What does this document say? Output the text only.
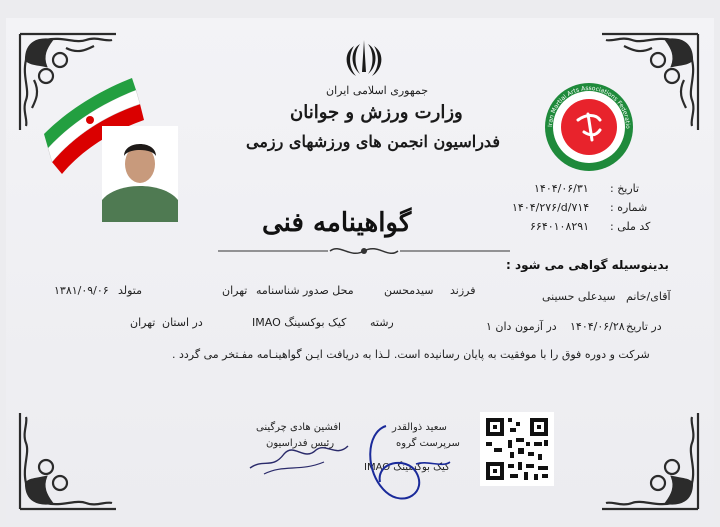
جمهوری اسلامی ایران
وزارت ورزش و جوانان
فدراسیون انجمن های ورزشهای رزمی
گواهینامه فنی
Iran Martial Arts Associations Federatio
تاریخ :
۱۴۰۴/۰۶/۳۱
شماره :
۱۴۰۴/۲۷۶/d/۷۱۴
کد ملی :
۶۶۴۰۱۰۸۲۹۱
بدینوسیله گواهی می شود :
آقای/خانم
سیدعلی حسینی
فرزند
سیدمحسن
محل صدور شناسنامه
تهران
متولد
۱۳۸۱/۰۹/۰۶
در تاریخ
۱۴۰۴/۰۶/۲۸
در آزمون دان ۱
رشته
کیک بوکسینگ IMAO
در استان
تهران
شرکت و دوره فوق را با موفقیت به پایان رسانیده است. لـذا به دریافت ایـن گواهینـامه مفـتخر می گردد .
افشین هادی چرگینی
رئیس فدراسیون
سعید ذوالقدر
سرپرست گروه
IMAO کیک بوکسینگ
